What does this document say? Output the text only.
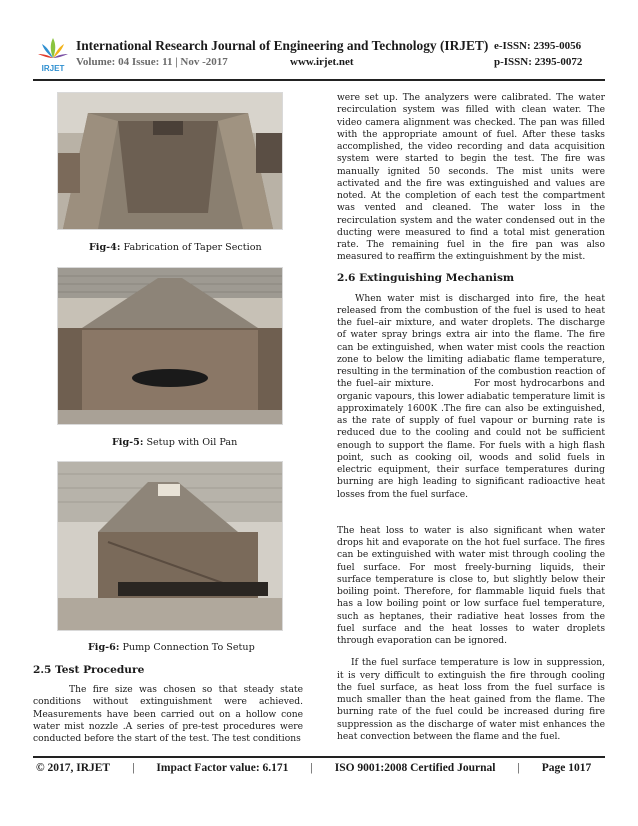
IRJET
International Research Journal of Engineering and Technology (IRJET) e-ISSN: 2395-0056
Volume: 04 Issue: 11 | Nov -2017	www.irjet.net	p-ISSN: 2395-0072
Fig-4: Fabrication of Taper Section
Fig-5: Setup with Oil Pan
Fig-6: Pump Connection To Setup

2.5 Test Procedure

The fire size was chosen so that steady state conditions without extinguishment were achieved. Measurements have been carried out on a hollow cone water mist nozzle .A series of pre-test procedures were conducted before the start of the test. The test conditions

were set up. The analyzers were calibrated. The water recirculation system was filled with clean water. The video camera alignment was checked. The pan was filled with the appropriate amount of fuel. After these tasks accomplished, the video recording and data acquisition system were started to begin the test. The fire was manually ignited 50 seconds. The mist units were activated and the fire was extinguished and values are noted. At the completion of each test the compartment was vented and cleaned. The water loss in the recirculation system and the water condensed out in the ducting were measured to find a total mist generation rate. The remaining fuel in the fire pan was also measured to reaffirm the extinguishment by the mist.

2.6 Extinguishing Mechanism

When water mist is discharged into fire, the heat released from the combustion of the fuel is used to heat the fuel–air mixture, and water droplets. The discharge of water spray brings extra air into the flame. The fire can be extinguished, when water mist cools the reaction zone to below the limiting adiabatic flame temperature, resulting in the termination of the combustion reaction of the fuel–air mixture.          For most hydrocarbons and organic vapours, this lower adiabatic temperature limit is approximately 1600K .The fire can also be extinguished, as the rate of supply of fuel vapour or burning rate is reduced due to the cooling and could not be sufficient enough to support the flame. For fuels with a high flash point, such as cooking oil, woods and solid fuels in electric equipment, their surface temperatures during burning are high leading to significant radioactive heat losses from the fuel surface.

The heat loss to water is also significant when water drops hit and evaporate on the hot fuel surface. The fires can be extinguished with water mist through cooling the fuel surface. For most freely-burning liquids, their surface temperature is close to, but slightly below their boiling point. Therefore, for flammable liquid fuels that has a low boiling point or low surface fuel temperature, such as heptanes, their radiative heat losses from the fuel surface and the heat losses to water droplets through evaporation can be ignored.

If the fuel surface temperature is low in suppression, it is very difficult to extinguish the fire through cooling the fuel surface, as heat loss from the fuel surface is much smaller than the heat gained from the flame. The burning rate of the fuel could be increased during fire suppression as the discharge of water mist enhances the heat convection between the flame and the fuel.

© 2017, IRJET | Impact Factor value: 6.171 | ISO 9001:2008 Certified Journal | Page 1017
